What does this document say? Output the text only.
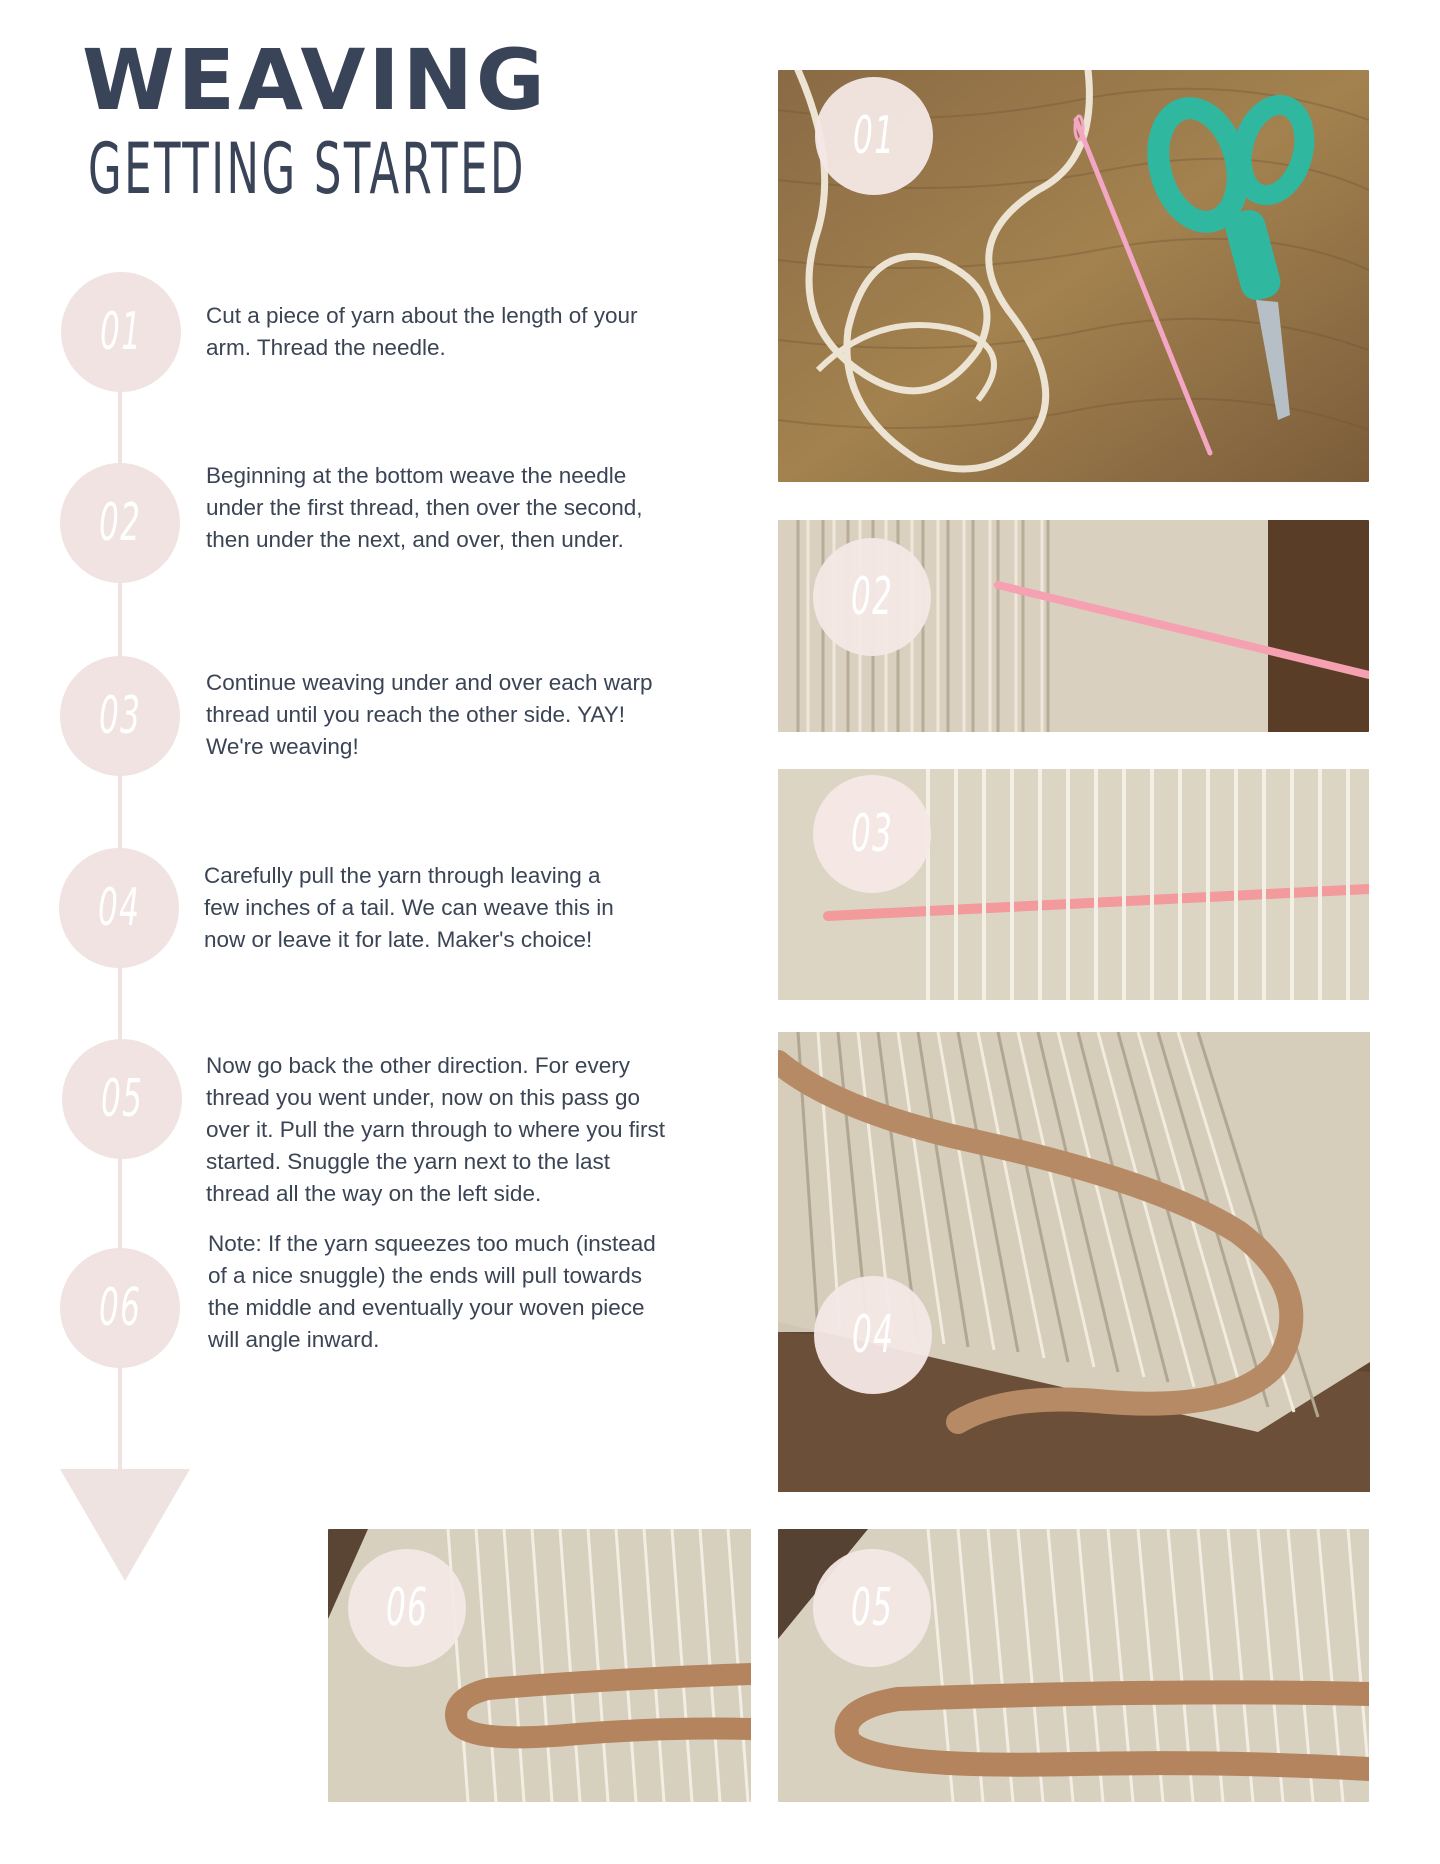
WEAVING
GETTING STARTED
01	Cut a piece of yarn about the length of your arm. Thread the needle.
02
Beginning at the bottom weave the needle under the first thread, then over the second, then under the next, and over, then under.
03
Continue weaving under and over each warp thread until you reach the other side. YAY! We're weaving!
04
Carefully pull the yarn through leaving a few inches of a tail. We can weave this in now or leave it for late. Maker's choice!
05
Now go back the other direction. For every thread you went under, now on this pass go over it. Pull the yarn through to where you first started. Snuggle the yarn next to the last thread all the way on the left side.
06
Note: If the yarn squeezes too much (instead of a nice snuggle) the ends will pull towards the middle and eventually your woven piece will angle inward.
01
02
03
04
06	05
